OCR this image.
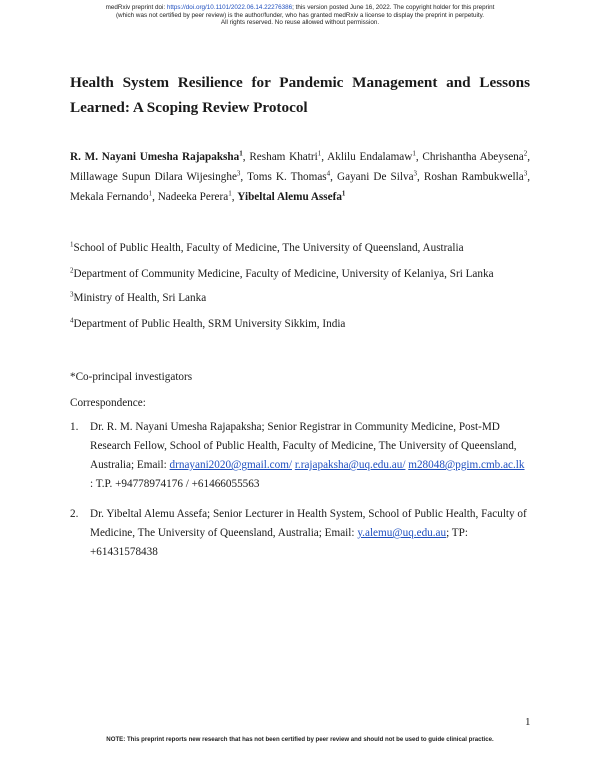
medRxiv preprint doi: https://doi.org/10.1101/2022.06.14.22276386; this version posted June 16, 2022. The copyright holder for this preprint
(which was not certified by peer review) is the author/funder, who has granted medRxiv a license to display the preprint in perpetuity.
All rights reserved. No reuse allowed without permission.
Health System Resilience for Pandemic Management and Lessons Learned: A Scoping Review Protocol
R. M. Nayani Umesha Rajapaksha$^1$, Resham Khatri$^1$, Aklilu Endalamaw$^1$, Chrishantha Abeysena$^2$, Millawage Supun Dilara Wijesinghe$^3$, Toms K. Thomas$^4$, Gayani De Silva$^3$, Roshan Rambukwella$^3$, Mekala Fernando$^1$, Nadeeka Perera$^1$, Yibeltal Alemu Assefa$^1$
$^1$School of Public Health, Faculty of Medicine, The University of Queensland, Australia
$^2$Department of Community Medicine, Faculty of Medicine, University of Kelaniya, Sri Lanka
$^3$Ministry of Health, Sri Lanka
$^4$Department of Public Health, SRM University Sikkim, India
*Co-principal investigators
Correspondence:
1. Dr. R. M. Nayani Umesha Rajapaksha; Senior Registrar in Community Medicine, Post-MD Research Fellow, School of Public Health, Faculty of Medicine, The University of Queensland, Australia; Email: drnayani2020@gmail.com/ r.rajapaksha@uq.edu.au/ m28048@pgim.cmb.ac.lk : T.P. +94778974176 / +61466055563
2. Dr. Yibeltal Alemu Assefa; Senior Lecturer in Health System, School of Public Health, Faculty of Medicine, The University of Queensland, Australia; Email: y.alemu@uq.edu.au; TP: +61431578438
1
NOTE: This preprint reports new research that has not been certified by peer review and should not be used to guide clinical practice.
